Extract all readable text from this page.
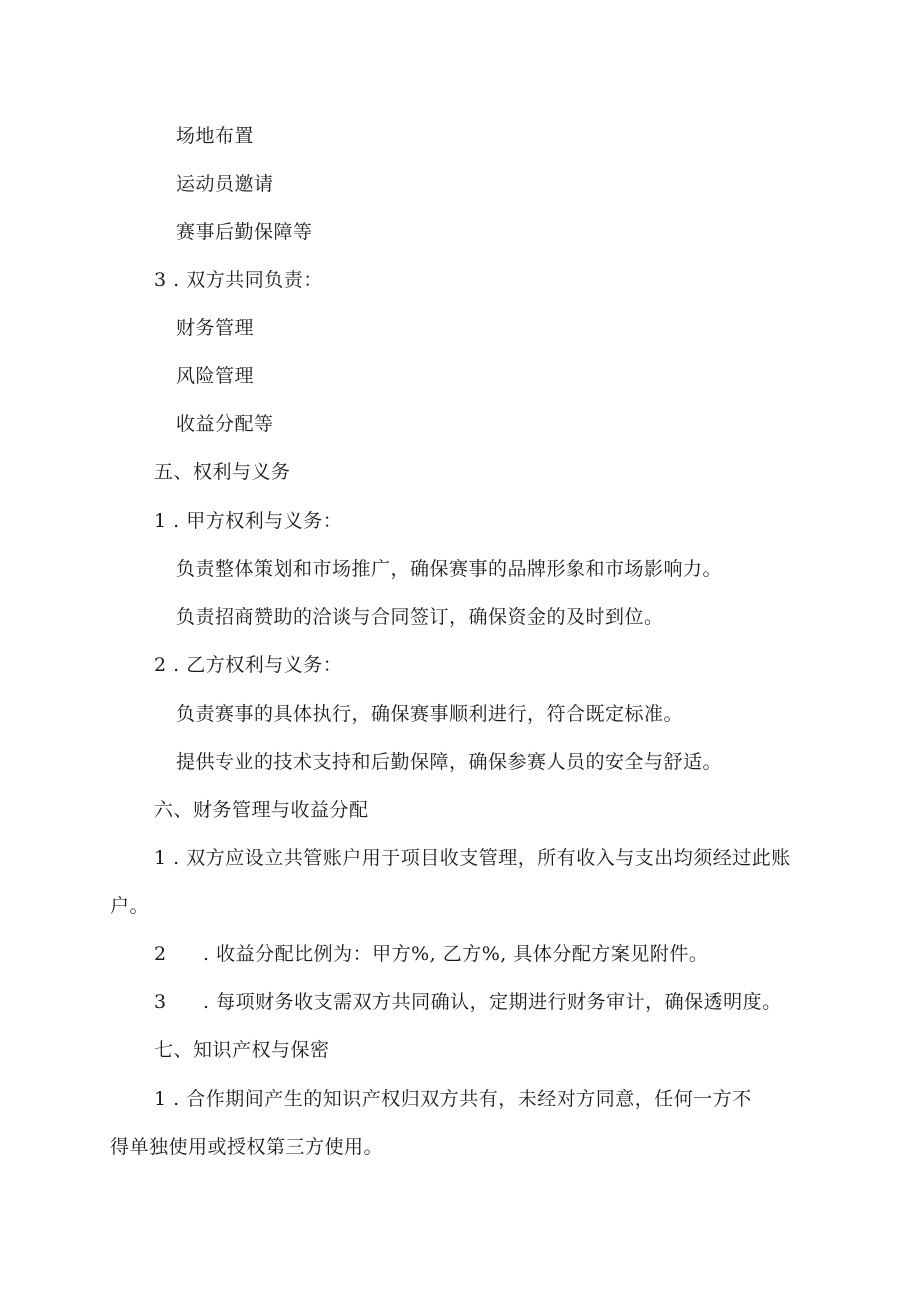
场地布置
运动员邀请
赛事后勤保障等
3 . 双方共同负责：
财务管理
风险管理
收益分配等
五、权利与义务
1 . 甲方权利与义务：
负责整体策划和市场推广，确保赛事的品牌形象和市场影响力。
负责招商赞助的洽谈与合同签订，确保资金的及时到位。
2 . 乙方权利与义务：
负责赛事的具体执行，确保赛事顺利进行，符合既定标准。
提供专业的技术支持和后勤保障，确保参赛人员的安全与舒适。
六、财务管理与收益分配
1 . 双方应设立共管账户用于项目收支管理，所有收入与支出均须经过此账
户。
2 . 收益分配比例为：甲方%, 乙方%, 具体分配方案见附件。
3 . 每项财务收支需双方共同确认，定期进行财务审计，确保透明度。
七、知识产权与保密
1 . 合作期间产生的知识产权归双方共有，未经对方同意，任何一方不
得单独使用或授权第三方使用。
